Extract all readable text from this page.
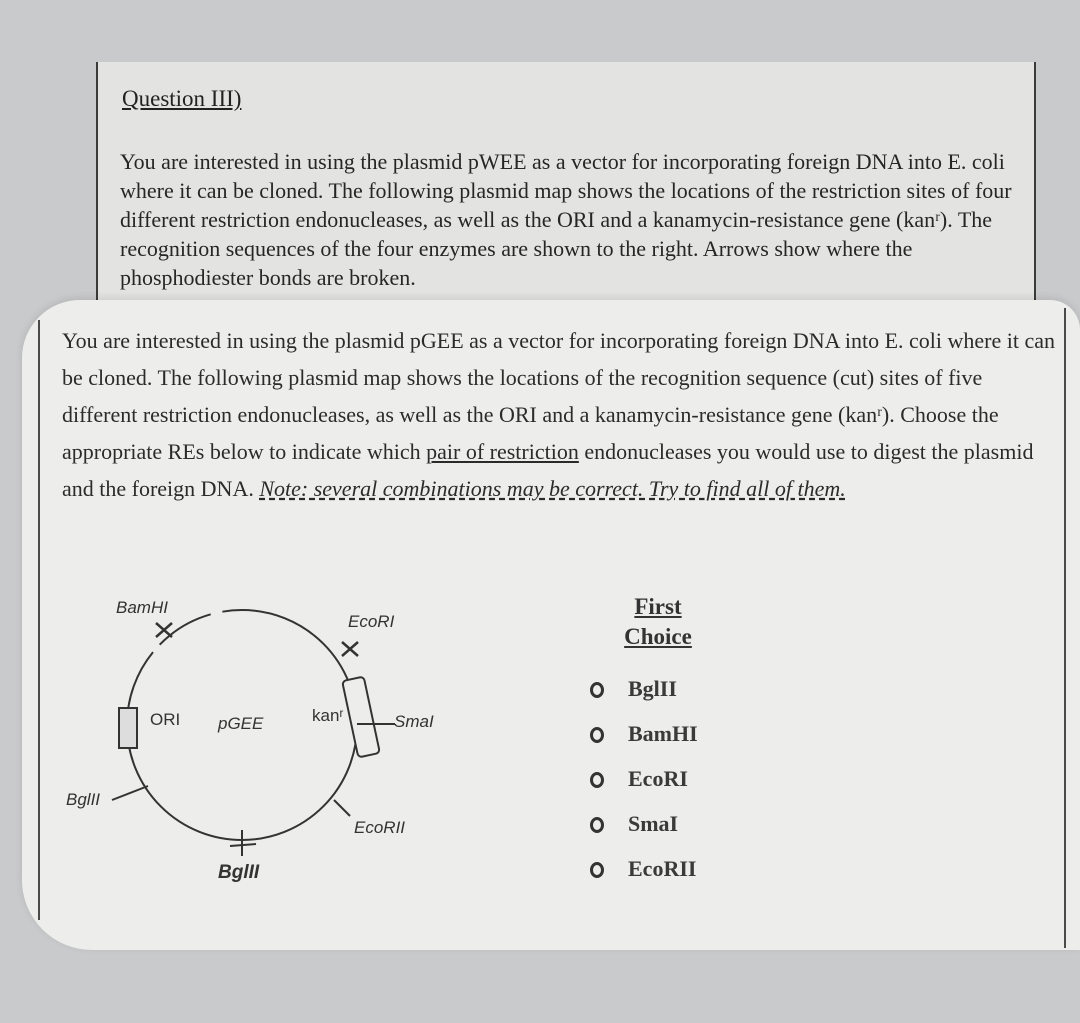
Question III)
You are interested in using the plasmid pWEE as a vector for incorporating foreign DNA into E. coli where it can be cloned. The following plasmid map shows the locations of the restriction sites of four different restriction endonucleases, as well as the ORI and a kanamycin-resistance gene (kanʳ). The recognition sequences of the four enzymes are shown to the right. Arrows show where the phosphodiester bonds are broken.
You are interested in using the plasmid pGEE as a vector for incorporating foreign DNA into E. coli where it can be cloned. The following plasmid map shows the locations of the recognition sequence (cut) sites of five different restriction endonucleases, as well as the ORI and a kanamycin-resistance gene (kanʳ). Choose the appropriate REs below to indicate which pair of restriction endonucleases you would use to digest the plasmid and the foreign DNA. Note: several combinations may be correct. Try to find all of them.
BamHI
EcoRI
ORI pGEE	kanʳ	SmaI
BglII
EcoRII
BglII
First
Choice
BglII
BamHI
EcoRI
SmaI
EcoRII
